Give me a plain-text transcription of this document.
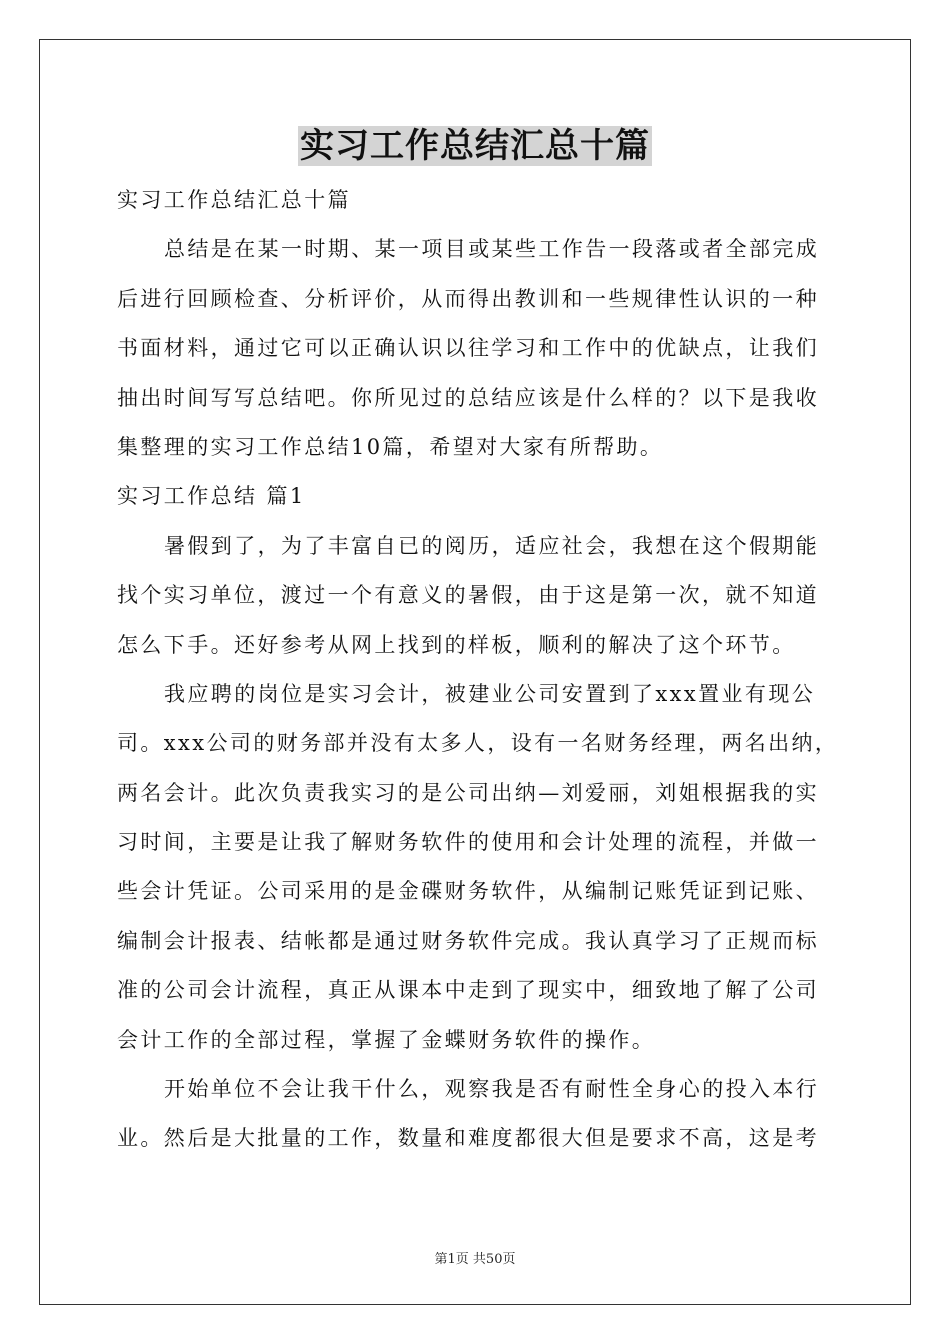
实习工作总结汇总十篇
实习工作总结汇总十篇
总结是在某一时期、某一项目或某些工作告一段落或者全部完成
后进行回顾检查、分析评价，从而得出教训和一些规律性认识的一种
书面材料，通过它可以正确认识以往学习和工作中的优缺点，让我们
抽出时间写写总结吧。你所见过的总结应该是什么样的？以下是我收
集整理的实习工作总结10篇，希望对大家有所帮助。
实习工作总结 篇1
暑假到了，为了丰富自已的阅历，适应社会，我想在这个假期能
找个实习单位，渡过一个有意义的暑假，由于这是第一次，就不知道
怎么下手。还好参考从网上找到的样板，顺利的解决了这个环节。
我应聘的岗位是实习会计，被建业公司安置到了xxx置业有现公
司。xxx公司的财务部并没有太多人，设有一名财务经理，两名出纳，
两名会计。此次负责我实习的是公司出纳—刘爱丽，刘姐根据我的实
习时间，主要是让我了解财务软件的使用和会计处理的流程，并做一
些会计凭证。公司采用的是金碟财务软件，从编制记账凭证到记账、
编制会计报表、结帐都是通过财务软件完成。我认真学习了正规而标
准的公司会计流程，真正从课本中走到了现实中，细致地了解了公司
会计工作的全部过程，掌握了金蝶财务软件的操作。
开始单位不会让我干什么，观察我是否有耐性全身心的投入本行
业。然后是大批量的工作，数量和难度都很大但是要求不高，这是考
第1页 共50页
